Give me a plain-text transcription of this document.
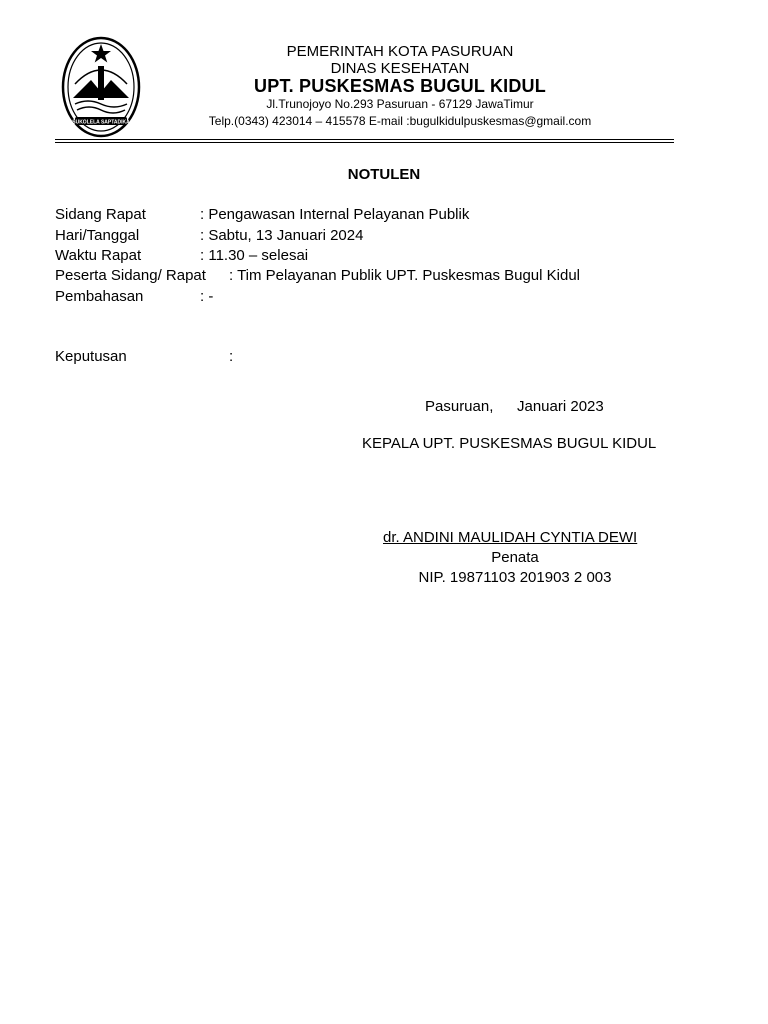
SUKOLELA SAPTADIKA
PEMERINTAH KOTA PASURUAN
DINAS KESEHATAN
UPT. PUSKESMAS BUGUL KIDUL
Jl.Trunojoyo No.293 Pasuruan - 67129 JawaTimur
Telp.(0343) 423014 – 415578 E-mail :bugulkidulpuskesmas@gmail.com
NOTULEN
Sidang Rapat	: Pengawasan Internal Pelayanan Publik
Hari/Tanggal	: Sabtu, 13 Januari 2024
Waktu Rapat	: 11.30 – selesai
Peserta Sidang/ Rapat : Tim Pelayanan Publik UPT. Puskesmas Bugul Kidul
Pembahasan	: -
Keputusan	:
Pasuruan, Januari 2023
KEPALA UPT. PUSKESMAS BUGUL KIDUL
dr. ANDINI MAULIDAH CYNTIA DEWI
Penata
NIP. 19871103 201903 2 003
